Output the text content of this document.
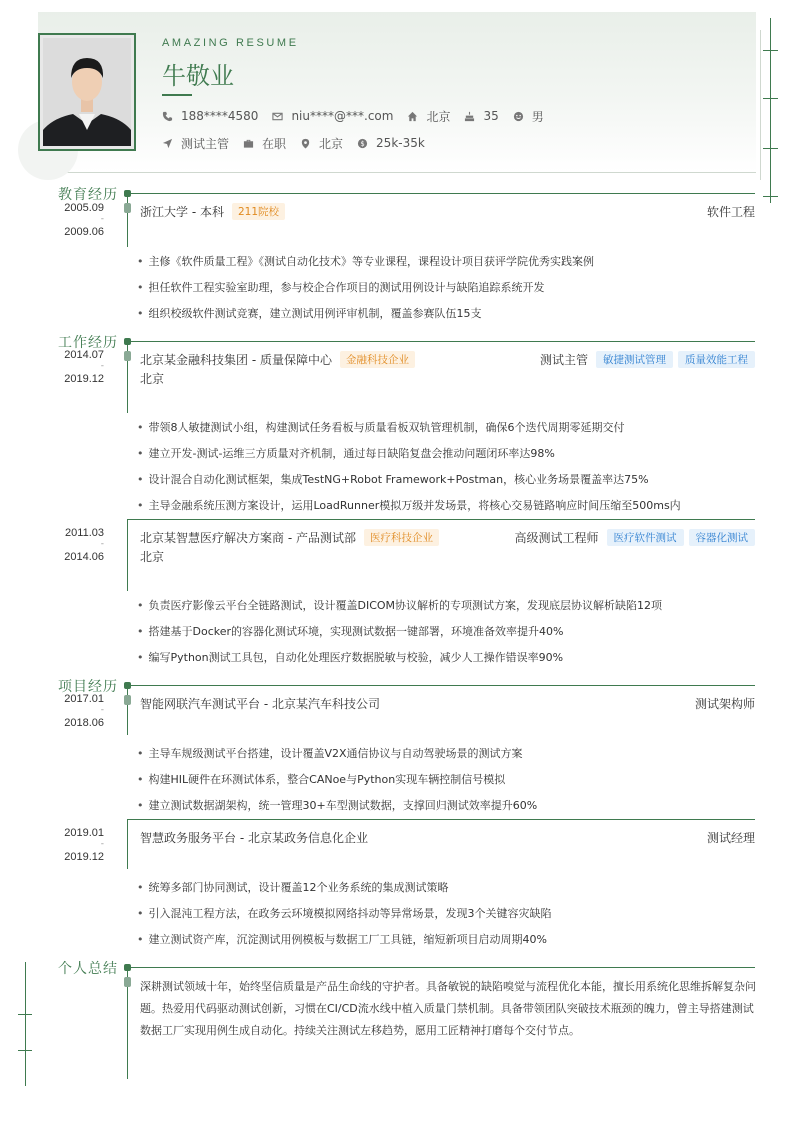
AMAZING RESUME
牛敬业
188****4580	niu****@***.com	北京	35	男
测试主管	在职	北京 $ 25k-35k
教育经历
2005.09
-
2009.06
浙江大学 - 本科	211院校	软件工程
• 主修《软件质量工程》《测试自动化技术》等专业课程，课程设计项目获评学院优秀实践案例
• 担任软件工程实验室助理，参与校企合作项目的测试用例设计与缺陷追踪系统开发
• 组织校级软件测试竞赛，建立测试用例评审机制，覆盖参赛队伍15支
工作经历
2014.07
-
2019.12
北京某金融科技集团 - 质量保障中心	金融科技企业	测试主管	敏捷测试管理	质量效能工程
北京
• 带领8人敏捷测试小组，构建测试任务看板与质量看板双轨管理机制，确保6个迭代周期零延期交付
• 建立开发-测试-运维三方质量对齐机制，通过每日缺陷复盘会推动问题闭环率达98%
• 设计混合自动化测试框架，集成TestNG+Robot Framework+Postman，核心业务场景覆盖率达75%
• 主导金融系统压测方案设计，运用LoadRunner模拟万级并发场景，将核心交易链路响应时间压缩至500ms内
2011.03
-
2014.06
北京某智慧医疗解决方案商 - 产品测试部	医疗科技企业	高级测试工程师	医疗软件测试	容器化测试
北京
• 负责医疗影像云平台全链路测试，设计覆盖DICOM协议解析的专项测试方案，发现底层协议解析缺陷12项
• 搭建基于Docker的容器化测试环境，实现测试数据一键部署，环境准备效率提升40%
• 编写Python测试工具包，自动化处理医疗数据脱敏与校验，减少人工操作错误率90%
项目经历
2017.01
-
2018.06
智能网联汽车测试平台 - 北京某汽车科技公司	测试架构师
• 主导车规级测试平台搭建，设计覆盖V2X通信协议与自动驾驶场景的测试方案
• 构建HIL硬件在环测试体系，整合CANoe与Python实现车辆控制信号模拟
• 建立测试数据湖架构，统一管理30+车型测试数据，支撑回归测试效率提升60%
2019.01
-
2019.12
智慧政务服务平台 - 北京某政务信息化企业	测试经理
• 统筹多部门协同测试，设计覆盖12个业务系统的集成测试策略
• 引入混沌工程方法，在政务云环境模拟网络抖动等异常场景，发现3个关键容灾缺陷
• 建立测试资产库，沉淀测试用例模板与数据工厂工具链，缩短新项目启动周期40%
个人总结
深耕测试领域十年，始终坚信质量是产品生命线的守护者。具备敏锐的缺陷嗅觉与流程优化本能，擅长用系统化思维拆解复杂问题。热爱用代码驱动测试创新，习惯在CI/CD流水线中植入质量门禁机制。具备带领团队突破技术瓶颈的魄力，曾主导搭建测试数据工厂实现用例生成自动化。持续关注测试左移趋势，愿用工匠精神打磨每个交付节点。
